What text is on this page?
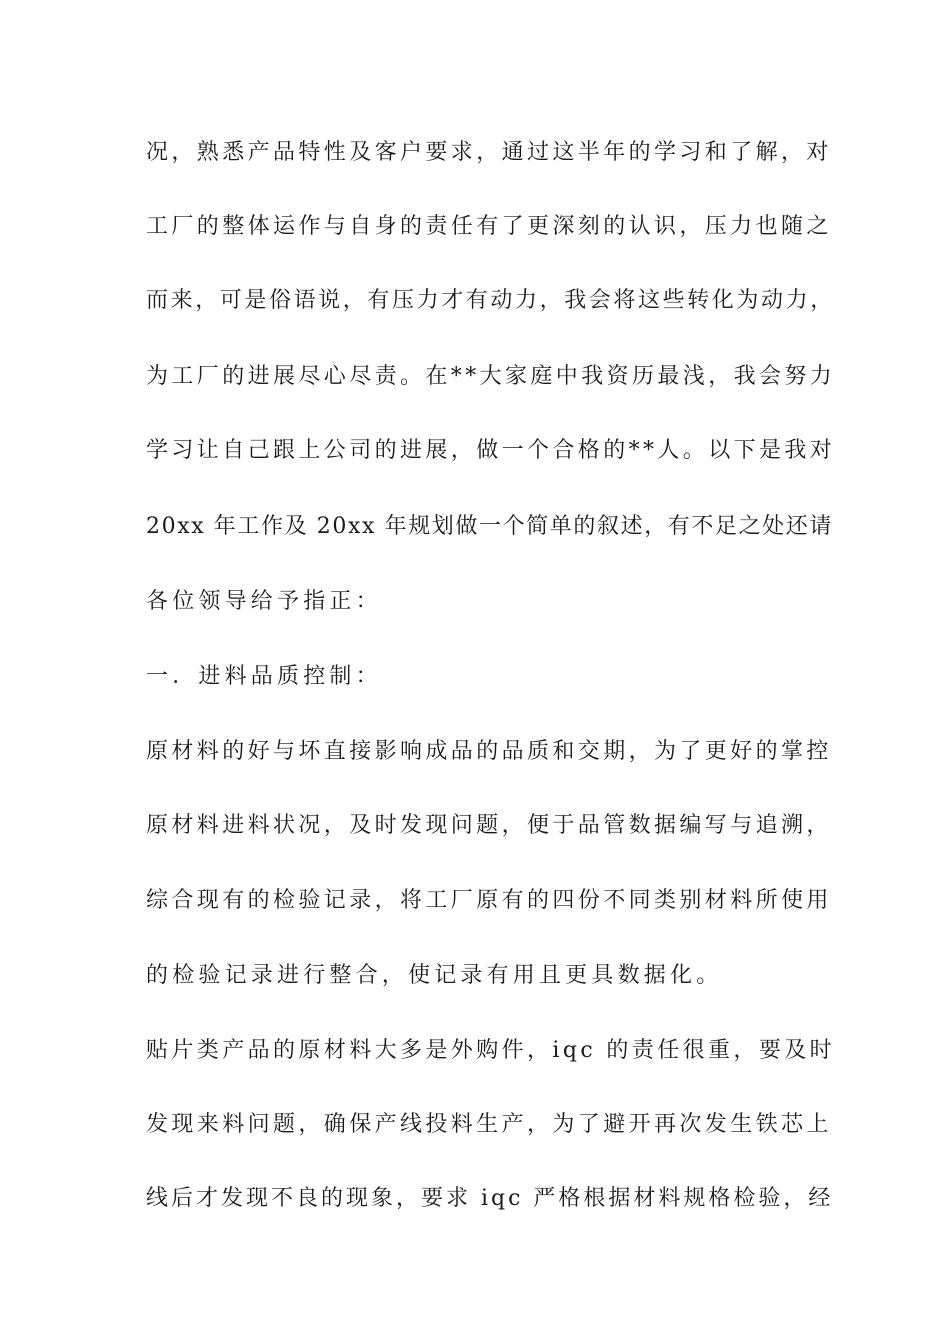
况，熟悉产品特性及客户要求，通过这半年的学习和了解，对
工厂的整体运作与自身的责任有了更深刻的认识，压力也随之
而来，可是俗语说，有压力才有动力，我会将这些转化为动力，
为工厂的进展尽心尽责。在**大家庭中我资历最浅，我会努力
学习让自己跟上公司的进展，做一个合格的**人。以下是我对
20xx 年工作及 20xx 年规划做一个简单的叙述，有不足之处还请
各位领导给予指正：
一．进料品质控制：
原材料的好与坏直接影响成品的品质和交期，为了更好的掌控
原材料进料状况，及时发现问题，便于品管数据编写与追溯，
综合现有的检验记录，将工厂原有的四份不同类别材料所使用
的检验记录进行整合，使记录有用且更具数据化。
贴片类产品的原材料大多是外购件，iqc 的责任很重，要及时
发现来料问题，确保产线投料生产，为了避开再次发生铁芯上
线后才发现不良的现象，要求 iqc 严格根据材料规格检验，经
